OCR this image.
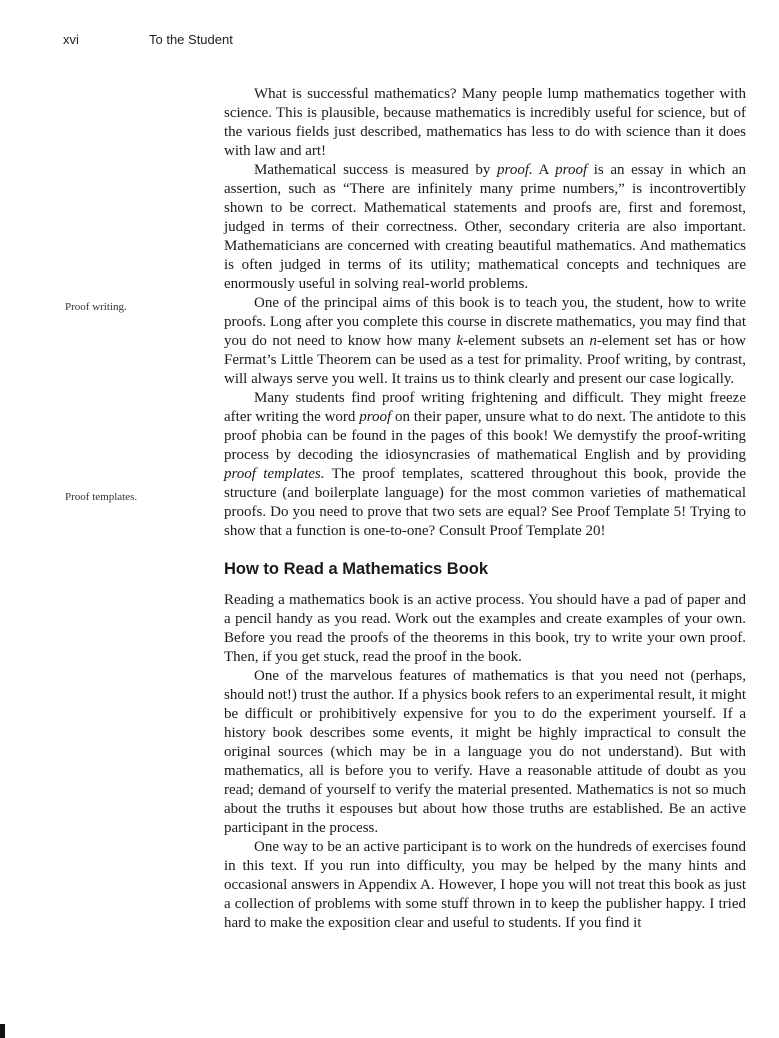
xvi	To the Student
Proof writing.
Proof templates.

What is successful mathematics? Many people lump mathematics together with science. This is plausible, because mathematics is incredibly useful for science, but of the various fields just described, mathematics has less to do with science than it does with law and art!

Mathematical success is measured by proof. A proof is an essay in which an assertion, such as “There are infinitely many prime numbers,” is incontrovertibly shown to be correct. Mathematical statements and proofs are, first and foremost, judged in terms of their correctness. Other, secondary criteria are also important. Mathematicians are concerned with creating beautiful mathematics. And mathematics is often judged in terms of its utility; mathematical concepts and techniques are enormously useful in solving real-world problems.

One of the principal aims of this book is to teach you, the student, how to write proofs. Long after you complete this course in discrete mathematics, you may find that you do not need to know how many k-element subsets an n-element set has or how Fermat’s Little Theorem can be used as a test for primality. Proof writing, by contrast, will always serve you well. It trains us to think clearly and present our case logically.

Many students find proof writing frightening and difficult. They might freeze after writing the word proof on their paper, unsure what to do next. The antidote to this proof phobia can be found in the pages of this book! We demystify the proof-writing process by decoding the idiosyncrasies of mathematical English and by providing proof templates. The proof templates, scattered throughout this book, provide the structure (and boilerplate language) for the most common varieties of mathematical proofs. Do you need to prove that two sets are equal? See Proof Template 5! Trying to show that a function is one-to-one? Consult Proof Template 20!

How to Read a Mathematics Book

Reading a mathematics book is an active process. You should have a pad of paper and a pencil handy as you read. Work out the examples and create examples of your own. Before you read the proofs of the theorems in this book, try to write your own proof. Then, if you get stuck, read the proof in the book.

One of the marvelous features of mathematics is that you need not (perhaps, should not!) trust the author. If a physics book refers to an experimental result, it might be difficult or prohibitively expensive for you to do the experiment yourself. If a history book describes some events, it might be highly impractical to consult the original sources (which may be in a language you do not understand). But with mathematics, all is before you to verify. Have a reasonable attitude of doubt as you read; demand of yourself to verify the material presented. Mathematics is not so much about the truths it espouses but about how those truths are established. Be an active participant in the process.

One way to be an active participant is to work on the hundreds of exercises found in this text. If you run into difficulty, you may be helped by the many hints and occasional answers in Appendix A. However, I hope you will not treat this book as just a collection of problems with some stuff thrown in to keep the publisher happy. I tried hard to make the exposition clear and useful to students. If you find it
